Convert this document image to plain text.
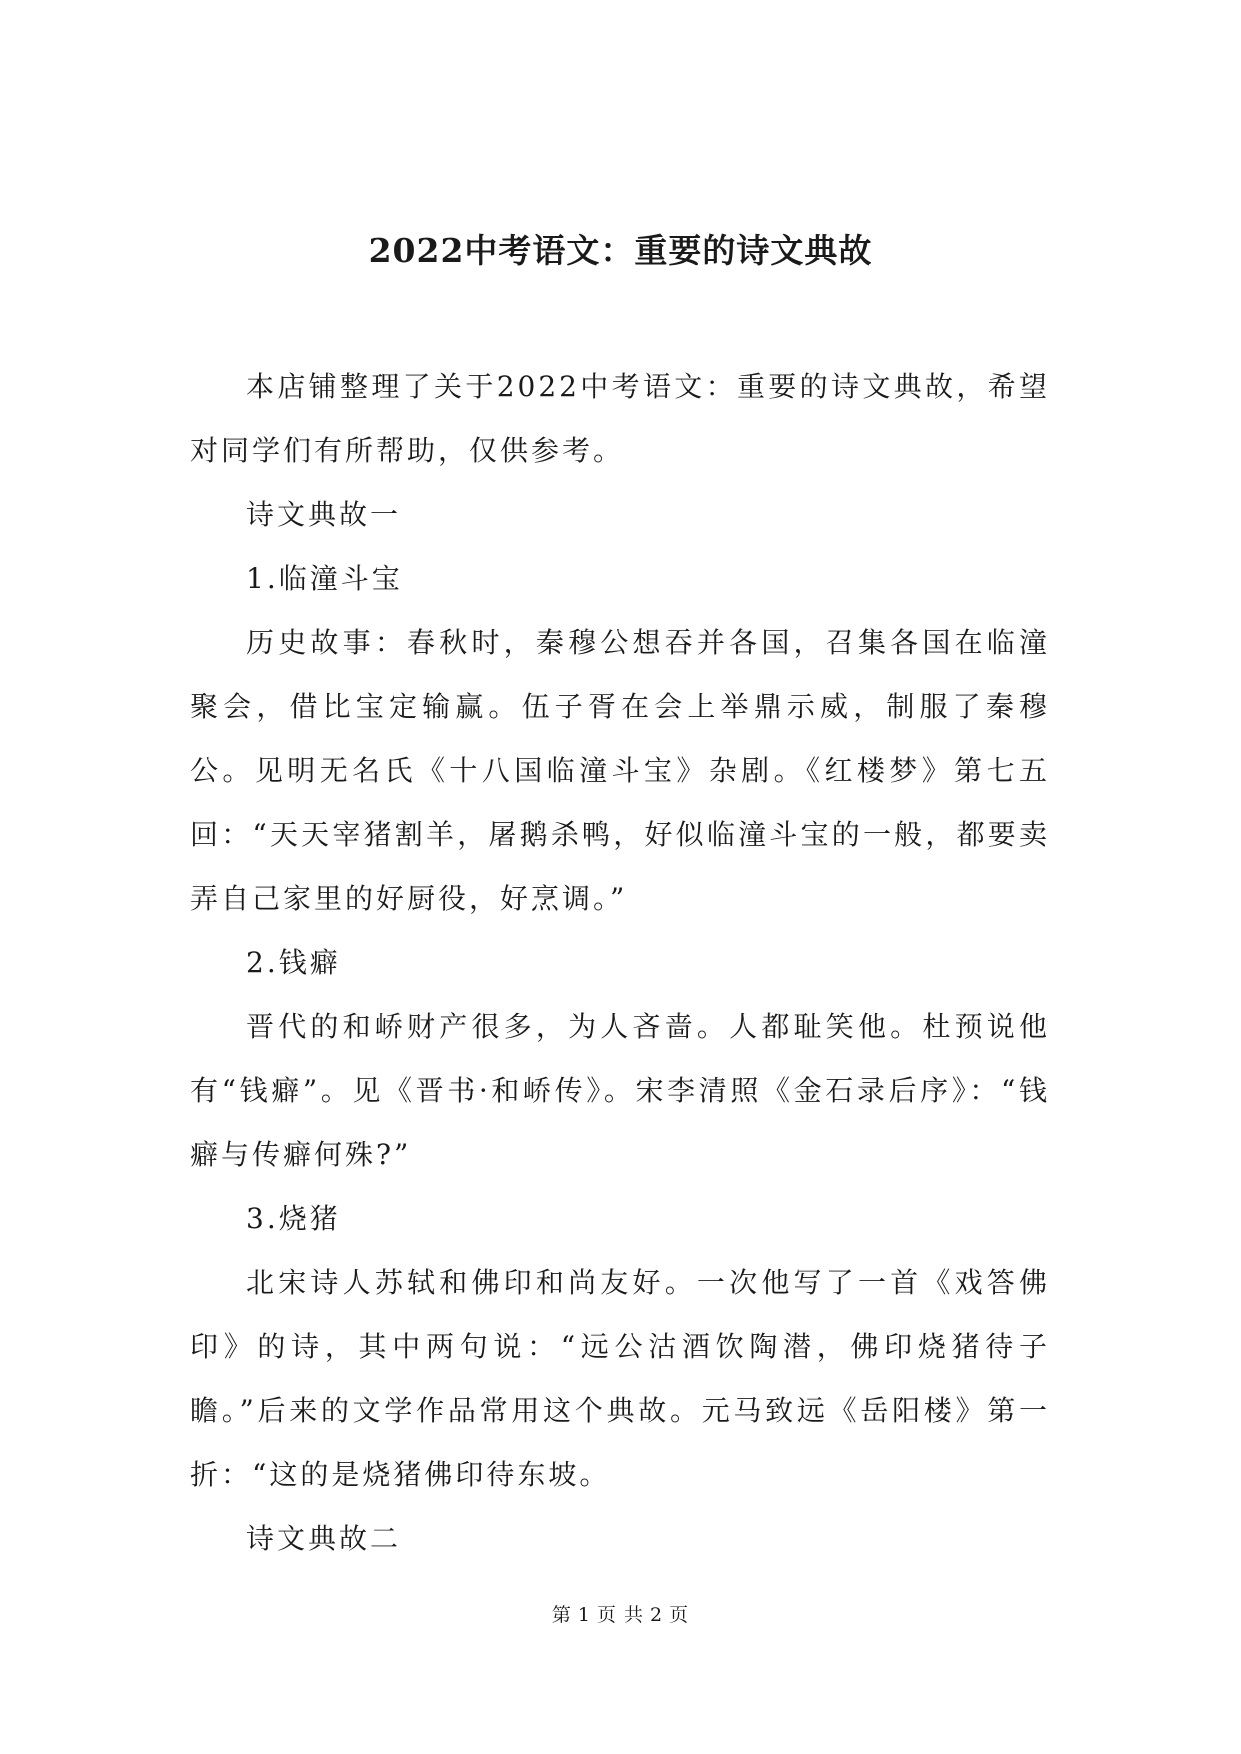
2022中考语文：重要的诗文典故

本店铺整理了关于2022中考语文：重要的诗文典故，希望对同学们有所帮助，仅供参考。

诗文典故一

1.临潼斗宝

历史故事：春秋时，秦穆公想吞并各国，召集各国在临潼聚会，借比宝定输赢。伍子胥在会上举鼎示威，制服了秦穆公。见明无名氏《十八国临潼斗宝》杂剧。《红楼梦》第七五回：“天天宰猪割羊，屠鹅杀鸭，好似临潼斗宝的一般，都要卖弄自己家里的好厨役，好烹调。”

2.钱癖

晋代的和峤财产很多，为人吝啬。人都耻笑他。杜预说他有“钱癖”。见《晋书·和峤传》。宋李清照《金石录后序》：“钱癖与传癖何殊?”

3.烧猪

北宋诗人苏轼和佛印和尚友好。一次他写了一首《戏答佛印》的诗，其中两句说：“远公沽酒饮陶潜，佛印烧猪待子瞻。”后来的文学作品常用这个典故。元马致远《岳阳楼》第一折：“这的是烧猪佛印待东坡。

诗文典故二

第 1 页 共 2 页
